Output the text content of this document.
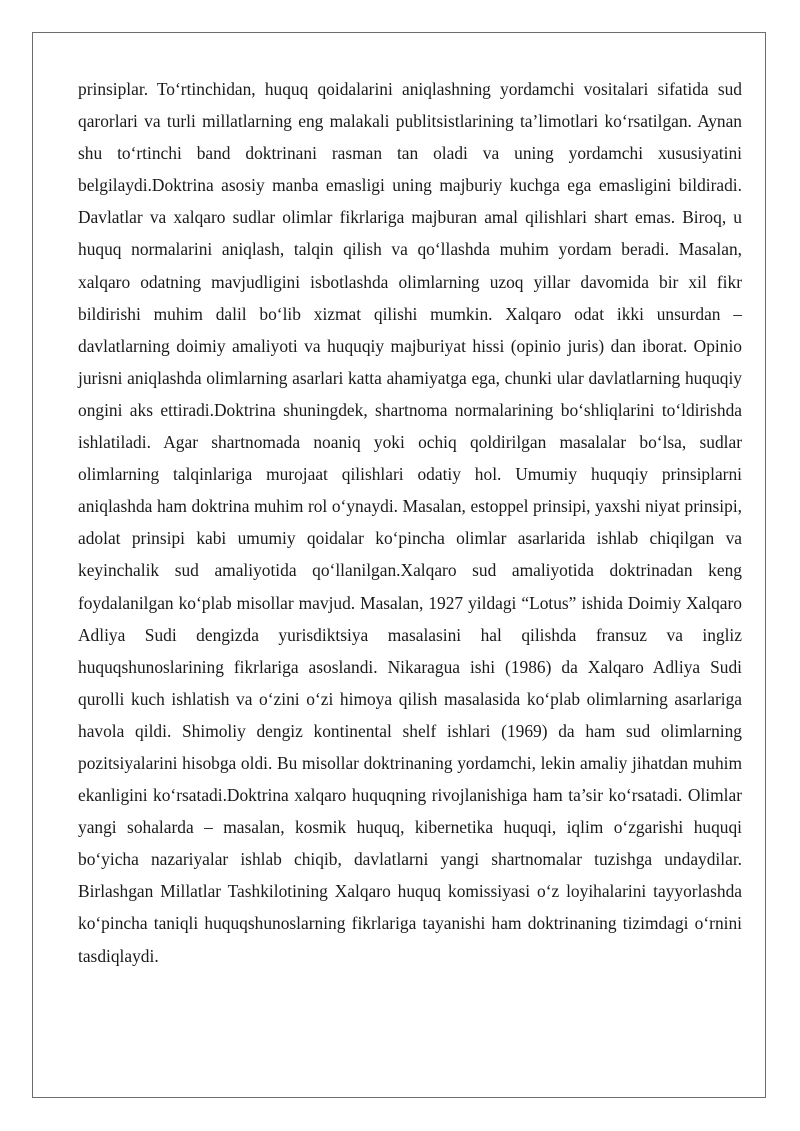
prinsiplar. To‘rtinchidan, huquq qoidalarini aniqlashning yordamchi vositalari sifatida sud qarorlari va turli millatlarning eng malakali publitsistlarining ta’limotlari ko‘rsatilgan. Aynan shu to‘rtinchi band doktrinani rasman tan oladi va uning yordamchi xususiyatini belgilaydi.Doktrina asosiy manba emasligi uning majburiy kuchga ega emasligini bildiradi. Davlatlar va xalqaro sudlar olimlar fikrlariga majburan amal qilishlari shart emas. Biroq, u huquq normalarini aniqlash, talqin qilish va qo‘llashda muhim yordam beradi. Masalan, xalqaro odatning mavjudligini isbotlashda olimlarning uzoq yillar davomida bir xil fikr bildirishi muhim dalil bo‘lib xizmat qilishi mumkin. Xalqaro odat ikki unsurdan – davlatlarning doimiy amaliyoti va huquqiy majburiyat hissi (opinio juris) dan iborat. Opinio jurisni aniqlashda olimlarning asarlari katta ahamiyatga ega, chunki ular davlatlarning huquqiy ongini aks ettiradi.Doktrina shuningdek, shartnoma normalarining bo‘shliqlarini to‘ldirishda ishlatiladi. Agar shartnomada noaniq yoki ochiq qoldirilgan masalalar bo‘lsa, sudlar olimlarning talqinlariga murojaat qilishlari odatiy hol. Umumiy huquqiy prinsiplarni aniqlashda ham doktrina muhim rol o‘ynaydi. Masalan, estoppel prinsipi, yaxshi niyat prinsipi, adolat prinsipi kabi umumiy qoidalar ko‘pincha olimlar asarlarida ishlab chiqilgan va keyinchalik sud amaliyotida qo‘llanilgan.Xalqaro sud amaliyotida doktrinadan keng foydalanilgan ko‘plab misollar mavjud. Masalan, 1927 yildagi “Lotus” ishida Doimiy Xalqaro Adliya Sudi dengizda yurisdiktsiya masalasini hal qilishda fransuz va ingliz huquqshunoslarining fikrlariga asoslandi. Nikaragua ishi (1986) da Xalqaro Adliya Sudi qurolli kuch ishlatish va o‘zini o‘zi himoya qilish masalasida ko‘plab olimlarning asarlariga havola qildi. Shimoliy dengiz kontinental shelf ishlari (1969) da ham sud olimlarning pozitsiyalarini hisobga oldi. Bu misollar doktrinaning yordamchi, lekin amaliy jihatdan muhim ekanligini ko‘rsatadi.Doktrina xalqaro huquqning rivojlanishiga ham ta’sir ko‘rsatadi. Olimlar yangi sohalarda – masalan, kosmik huquq, kibernetika huquqi, iqlim o‘zgarishi huquqi bo‘yicha nazariyalar ishlab chiqib, davlatlarni yangi shartnomalar tuzishga undaydilar. Birlashgan Millatlar Tashkilotining Xalqaro huquq komissiyasi o‘z loyihalarini tayyorlashda ko‘pincha taniqli huquqshunoslarning fikrlariga tayanishi ham doktrinaning tizimdagi o‘rnini tasdiqlaydi.
